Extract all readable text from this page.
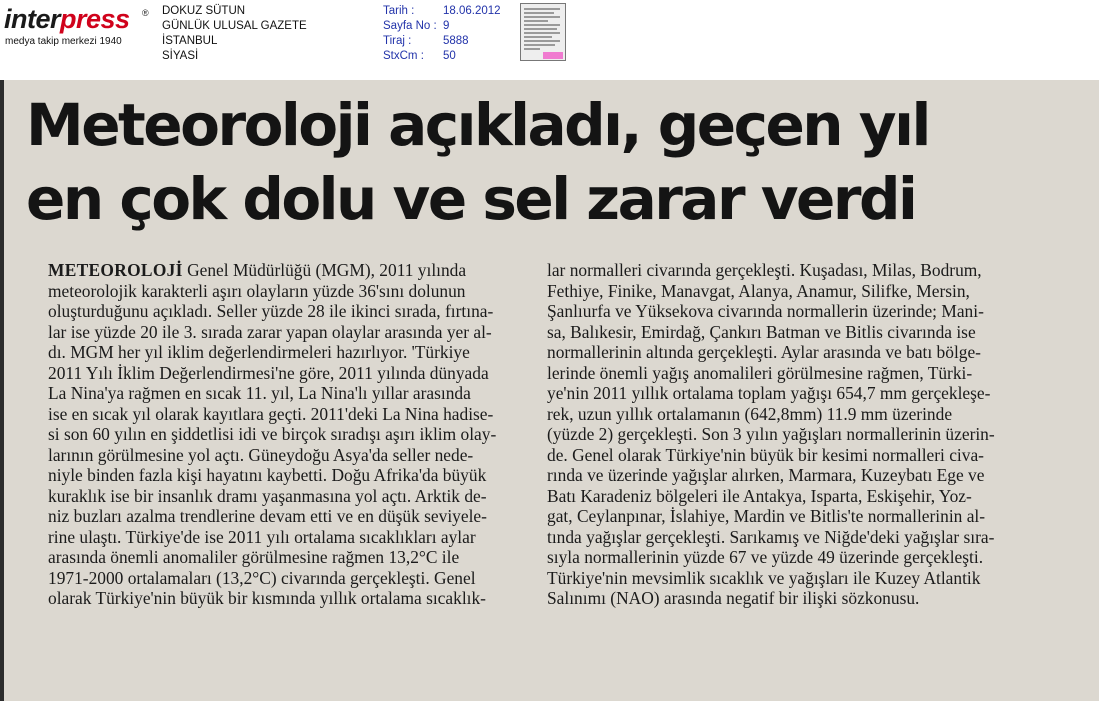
interpress ®
medya takip merkezi 1940
DOKUZ SÜTUN
GÜNLÜK ULUSAL GAZETE
İSTANBUL
SİYASİ
Tarih :	18.06.2012
Sayfa No : 9
Tiraj :	5888
StxCm :	50
Meteoroloji açıkladı, geçen yıl
en çok dolu ve sel zarar verdi
METEOROLOJİ Genel Müdürlüğü (MGM), 2011 yılında
meteorolojik karakterli aşırı olayların yüzde 36'sını dolunun
oluşturduğunu açıkladı. Seller yüzde 28 ile ikinci sırada, fırtına-
lar ise yüzde 20 ile 3. sırada zarar yapan olaylar arasında yer al-
dı. MGM her yıl iklim değerlendirmeleri hazırlıyor. 'Türkiye
2011 Yılı İklim Değerlendirmesi'ne göre, 2011 yılında dünyada
La Nina'ya rağmen en sıcak 11. yıl, La Nina'lı yıllar arasında
ise en sıcak yıl olarak kayıtlara geçti. 2011'deki La Nina hadise-
si son 60 yılın en şiddetlisi idi ve birçok sıradışı aşırı iklim olay-
larının görülmesine yol açtı. Güneydoğu Asya'da seller nede-
niyle binden fazla kişi hayatını kaybetti. Doğu Afrika'da büyük
kuraklık ise bir insanlık dramı yaşanmasına yol açtı. Arktik de-
niz buzları azalma trendlerine devam etti ve en düşük seviyele-
rine ulaştı. Türkiye'de ise 2011 yılı ortalama sıcaklıkları aylar
arasında önemli anomaliler görülmesine rağmen 13,2°C ile
1971-2000 ortalamaları (13,2°C) civarında gerçekleşti. Genel
olarak Türkiye'nin büyük bir kısmında yıllık ortalama sıcaklık-
lar normalleri civarında gerçekleşti. Kuşadası, Milas, Bodrum,
Fethiye, Finike, Manavgat, Alanya, Anamur, Silifke, Mersin,
Şanlıurfa ve Yüksekova civarında normallerin üzerinde; Mani-
sa, Balıkesir, Emirdağ, Çankırı Batman ve Bitlis civarında ise
normallerinin altında gerçekleşti. Aylar arasında ve batı bölge-
lerinde önemli yağış anomalileri görülmesine rağmen, Türki-
ye'nin 2011 yıllık ortalama toplam yağışı 654,7 mm gerçekleşe-
rek, uzun yıllık ortalamanın (642,8mm) 11.9 mm üzerinde
(yüzde 2) gerçekleşti. Son 3 yılın yağışları normallerinin üzerin-
de. Genel olarak Türkiye'nin büyük bir kesimi normalleri civa-
rında ve üzerinde yağışlar alırken, Marmara, Kuzeybatı Ege ve
Batı Karadeniz bölgeleri ile Antakya, Isparta, Eskişehir, Yoz-
gat, Ceylanpınar, İslahiye, Mardin ve Bitlis'te normallerinin al-
tında yağışlar gerçekleşti. Sarıkamış ve Niğde'deki yağışlar sıra-
sıyla normallerinin yüzde 67 ve yüzde 49 üzerinde gerçekleşti.
Türkiye'nin mevsimlik sıcaklık ve yağışları ile Kuzey Atlantik
Salınımı (NAO) arasında negatif bir ilişki sözkonusu.
